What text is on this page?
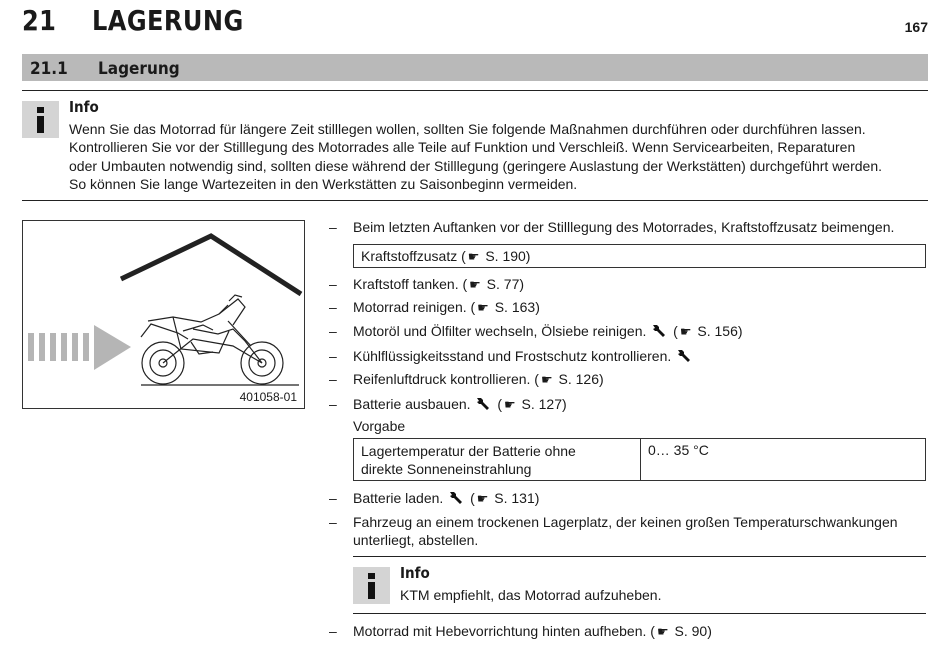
21 LAGERUNG	167
21.1 Lagerung
Info
Wenn Sie das Motorrad für längere Zeit stilllegen wollen, sollten Sie folgende Maßnahmen durchführen oder durchführen lassen.
Kontrollieren Sie vor der Stilllegung des Motorrades alle Teile auf Funktion und Verschleiß. Wenn Servicearbeiten, Reparaturen
oder Umbauten notwendig sind, sollten diese während der Stilllegung (geringere Auslastung der Werkstätten) durchgeführt werden.
So können Sie lange Wartezeiten in den Werkstätten zu Saisonbeginn vermeiden.
401058-01
– Beim letzten Auftanken vor der Stilllegung des Motorrades, Kraftstoffzusatz beimengen.
Kraftstoffzusatz ( ☛ S. 190)
– Kraftstoff tanken. ( ☛ S. 77)
– Motorrad reinigen. ( ☛ S. 163)
– Motoröl und Ölfilter wechseln, Ölsiebe reinigen.  ( ☛ S. 156)
– Kühlflüssigkeitsstand und Frostschutz kontrollieren.
– Reifenluftdruck kontrollieren. ( ☛ S. 126)
– Batterie ausbauen.  ( ☛ S. 127)
Vorgabe
Lagertemperatur der Batterie ohne
direkte Sonneneinstrahlung
0… 35 °C
– Batterie laden.  ( ☛ S. 131)
– Fahrzeug an einem trockenen Lagerplatz, der keinen großen Temperaturschwankungen
unterliegt, abstellen.
Info
KTM empfiehlt, das Motorrad aufzuheben.
– Motorrad mit Hebevorrichtung hinten aufheben. ( ☛ S. 90)
